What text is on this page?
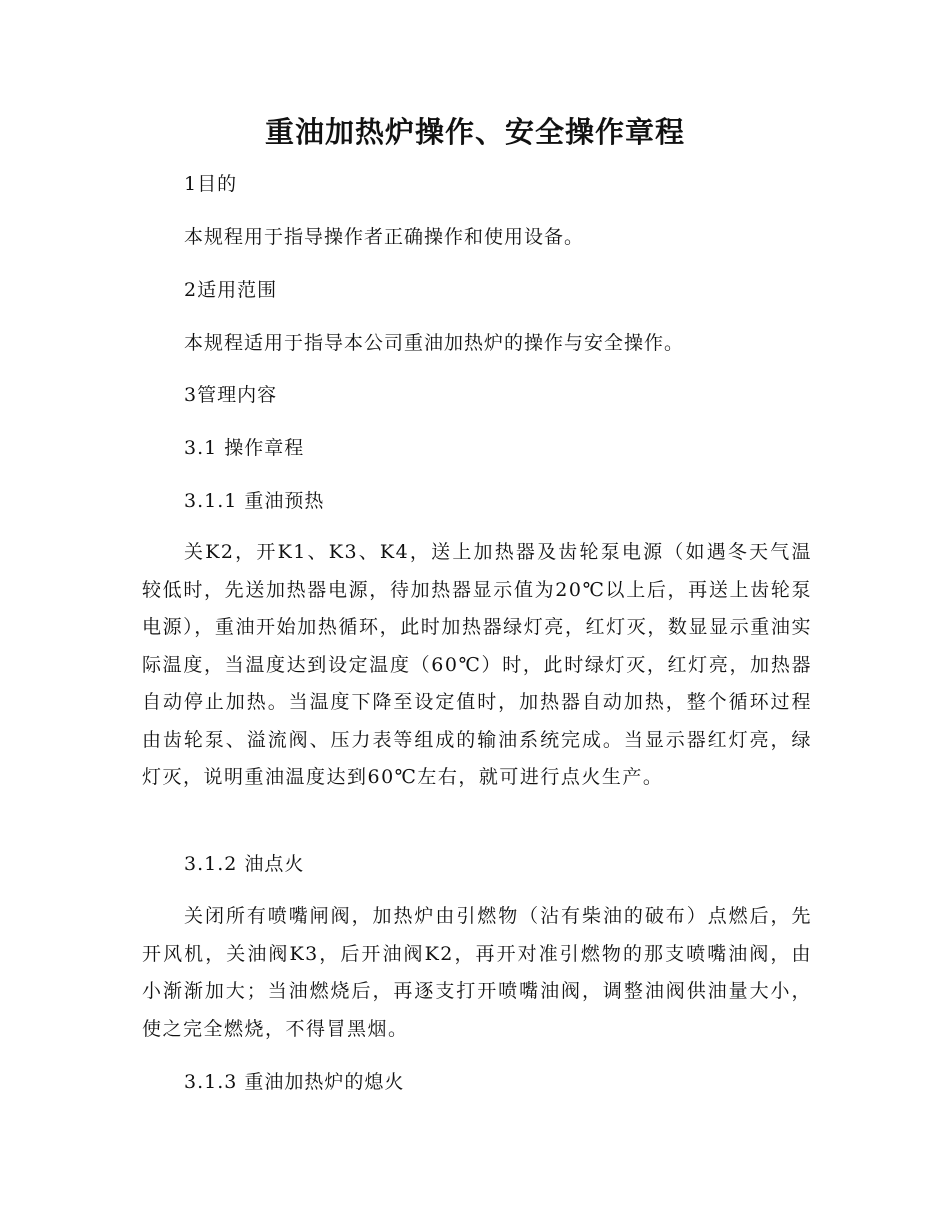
重油加热炉操作、安全操作章程
1目的
本规程用于指导操作者正确操作和使用设备。
2适用范围
本规程适用于指导本公司重油加热炉的操作与安全操作。
3管理内容
3.1 操作章程
3.1.1 重油预热
关K2，开K1、K3、K4，送上加热器及齿轮泵电源（如遇冬天气温较低时，先送加热器电源，待加热器显示值为20℃以上后，再送上齿轮泵电源），重油开始加热循环，此时加热器绿灯亮，红灯灭，数显显示重油实际温度，当温度达到设定温度（60℃）时，此时绿灯灭，红灯亮，加热器自动停止加热。当温度下降至设定值时，加热器自动加热，整个循环过程由齿轮泵、溢流阀、压力表等组成的输油系统完成。当显示器红灯亮，绿灯灭，说明重油温度达到60℃左右，就可进行点火生产。
3.1.2 油点火
关闭所有喷嘴闸阀，加热炉由引燃物（沾有柴油的破布）点燃后，先开风机，关油阀K3，后开油阀K2，再开对准引燃物的那支喷嘴油阀，由小渐渐加大；当油燃烧后，再逐支打开喷嘴油阀，调整油阀供油量大小，使之完全燃烧，不得冒黑烟。
3.1.3 重油加热炉的熄火
